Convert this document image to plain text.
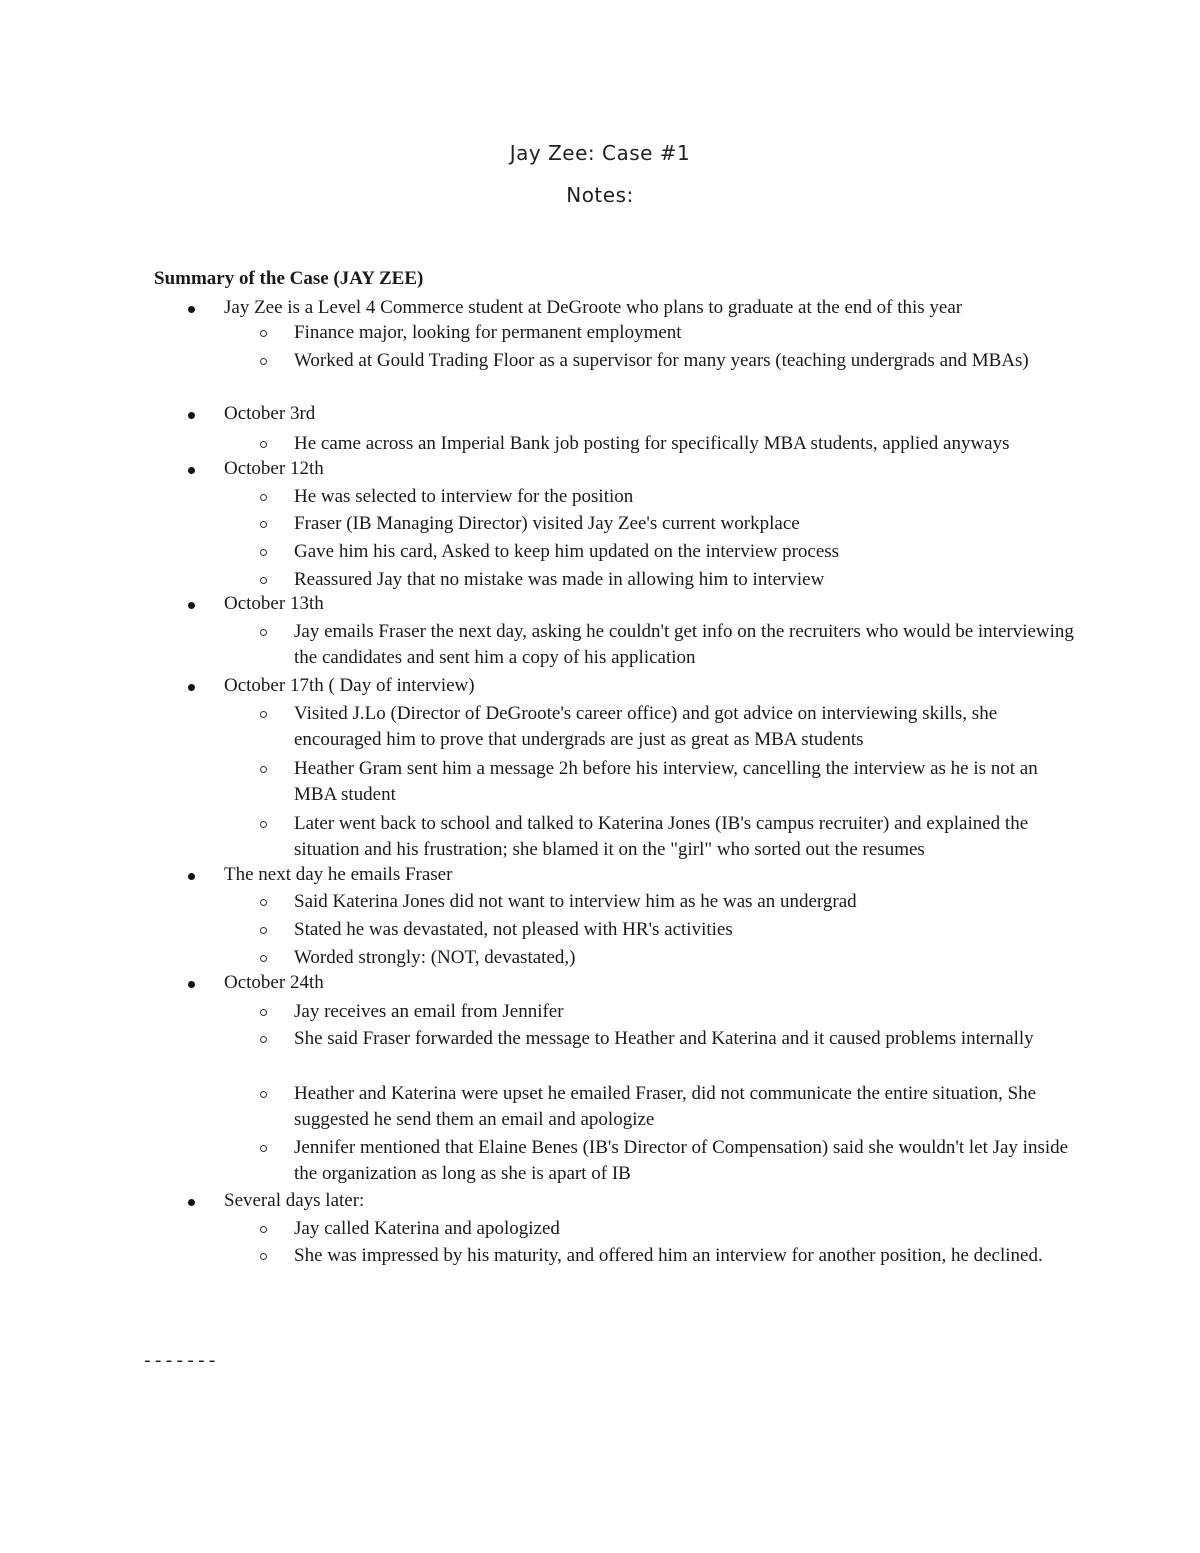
Jay Zee: Case #1
Notes:
Summary of the Case (JAY ZEE)
Jay Zee is a Level 4 Commerce student at DeGroote who plans to graduate at the end of this year
Finance major, looking for permanent employment
Worked at Gould Trading Floor as a supervisor for many years (teaching undergrads and MBAs)
October 3rd
He came across an Imperial Bank job posting for specifically MBA students, applied anyways
October 12th
He was selected to interview for the position
Fraser (IB Managing Director) visited Jay Zee's current workplace
Gave him his card, Asked to keep him updated on the interview process
Reassured Jay that no mistake was made in allowing him to interview
October 13th
Jay emails Fraser the next day, asking he couldn't get info on the recruiters who would be interviewing the candidates and sent him a copy of his application
October 17th ( Day of interview)
Visited J.Lo (Director of DeGroote's career office) and got advice on interviewing skills, she encouraged him to prove that undergrads are just as great as MBA students
Heather Gram sent him a message 2h before his interview, cancelling the interview as he is not an MBA student
Later went back to school and talked to Katerina Jones (IB's campus recruiter) and explained the situation and his frustration; she blamed it on the "girl" who sorted out the resumes
The next day he emails Fraser
Said Katerina Jones did not want to interview him as he was an undergrad
Stated he was devastated, not pleased with HR's activities
Worded strongly: (NOT, devastated,)
October 24th
Jay receives an email from Jennifer
She said Fraser forwarded the message to Heather and Katerina and it caused problems internally
Heather and Katerina were upset he emailed Fraser, did not communicate the entire situation, She suggested he send them an email and apologize
Jennifer mentioned that Elaine Benes (IB's Director of Compensation) said she wouldn't let Jay inside the organization as long as she is apart of IB
Several days later:
Jay called Katerina and apologized
She was impressed by his maturity, and offered him an interview for another position, he declined.
-------
